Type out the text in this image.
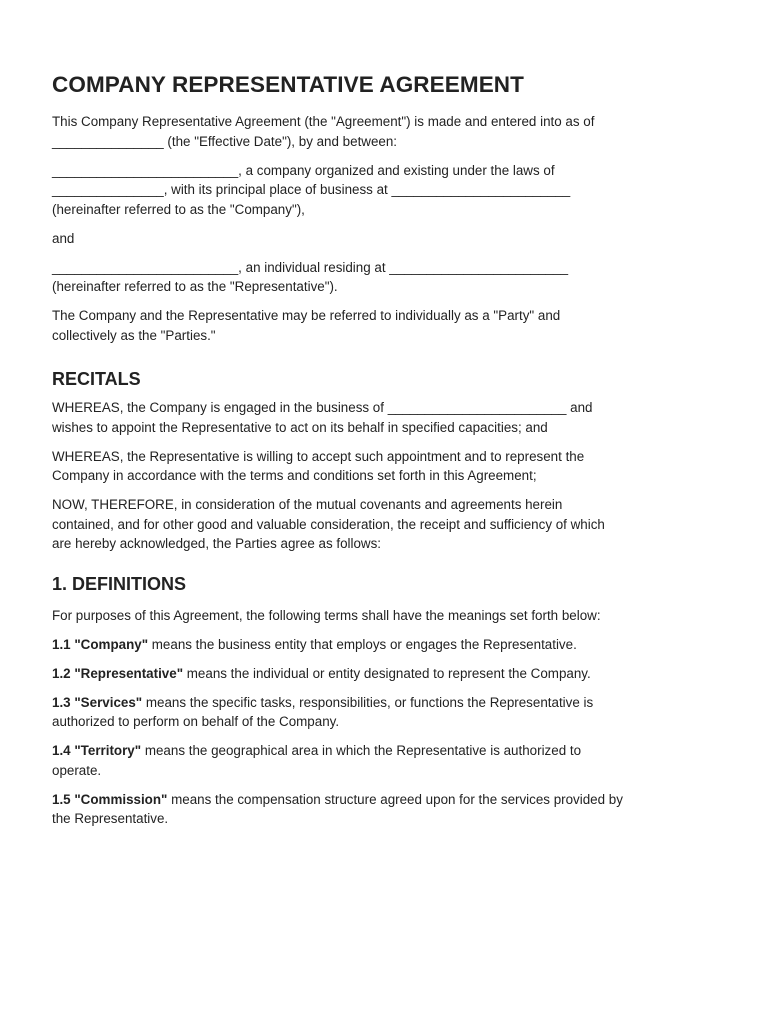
COMPANY REPRESENTATIVE AGREEMENT

This Company Representative Agreement (the "Agreement") is made and entered into as of
_______________ (the "Effective Date"), by and between:

_________________________, a company organized and existing under the laws of
_______________, with its principal place of business at ________________________
(hereinafter referred to as the "Company"),

and

_________________________, an individual residing at ________________________
(hereinafter referred to as the "Representative").

The Company and the Representative may be referred to individually as a "Party" and
collectively as the "Parties."

RECITALS

WHEREAS, the Company is engaged in the business of ________________________ and
wishes to appoint the Representative to act on its behalf in specified capacities; and

WHEREAS, the Representative is willing to accept such appointment and to represent the
Company in accordance with the terms and conditions set forth in this Agreement;

NOW, THEREFORE, in consideration of the mutual covenants and agreements herein
contained, and for other good and valuable consideration, the receipt and sufficiency of which
are hereby acknowledged, the Parties agree as follows:

1. DEFINITIONS

For purposes of this Agreement, the following terms shall have the meanings set forth below:

1.1 "Company" means the business entity that employs or engages the Representative.

1.2 "Representative" means the individual or entity designated to represent the Company.

1.3 "Services" means the specific tasks, responsibilities, or functions the Representative is
authorized to perform on behalf of the Company.

1.4 "Territory" means the geographical area in which the Representative is authorized to
operate.

1.5 "Commission" means the compensation structure agreed upon for the services provided by
the Representative.
